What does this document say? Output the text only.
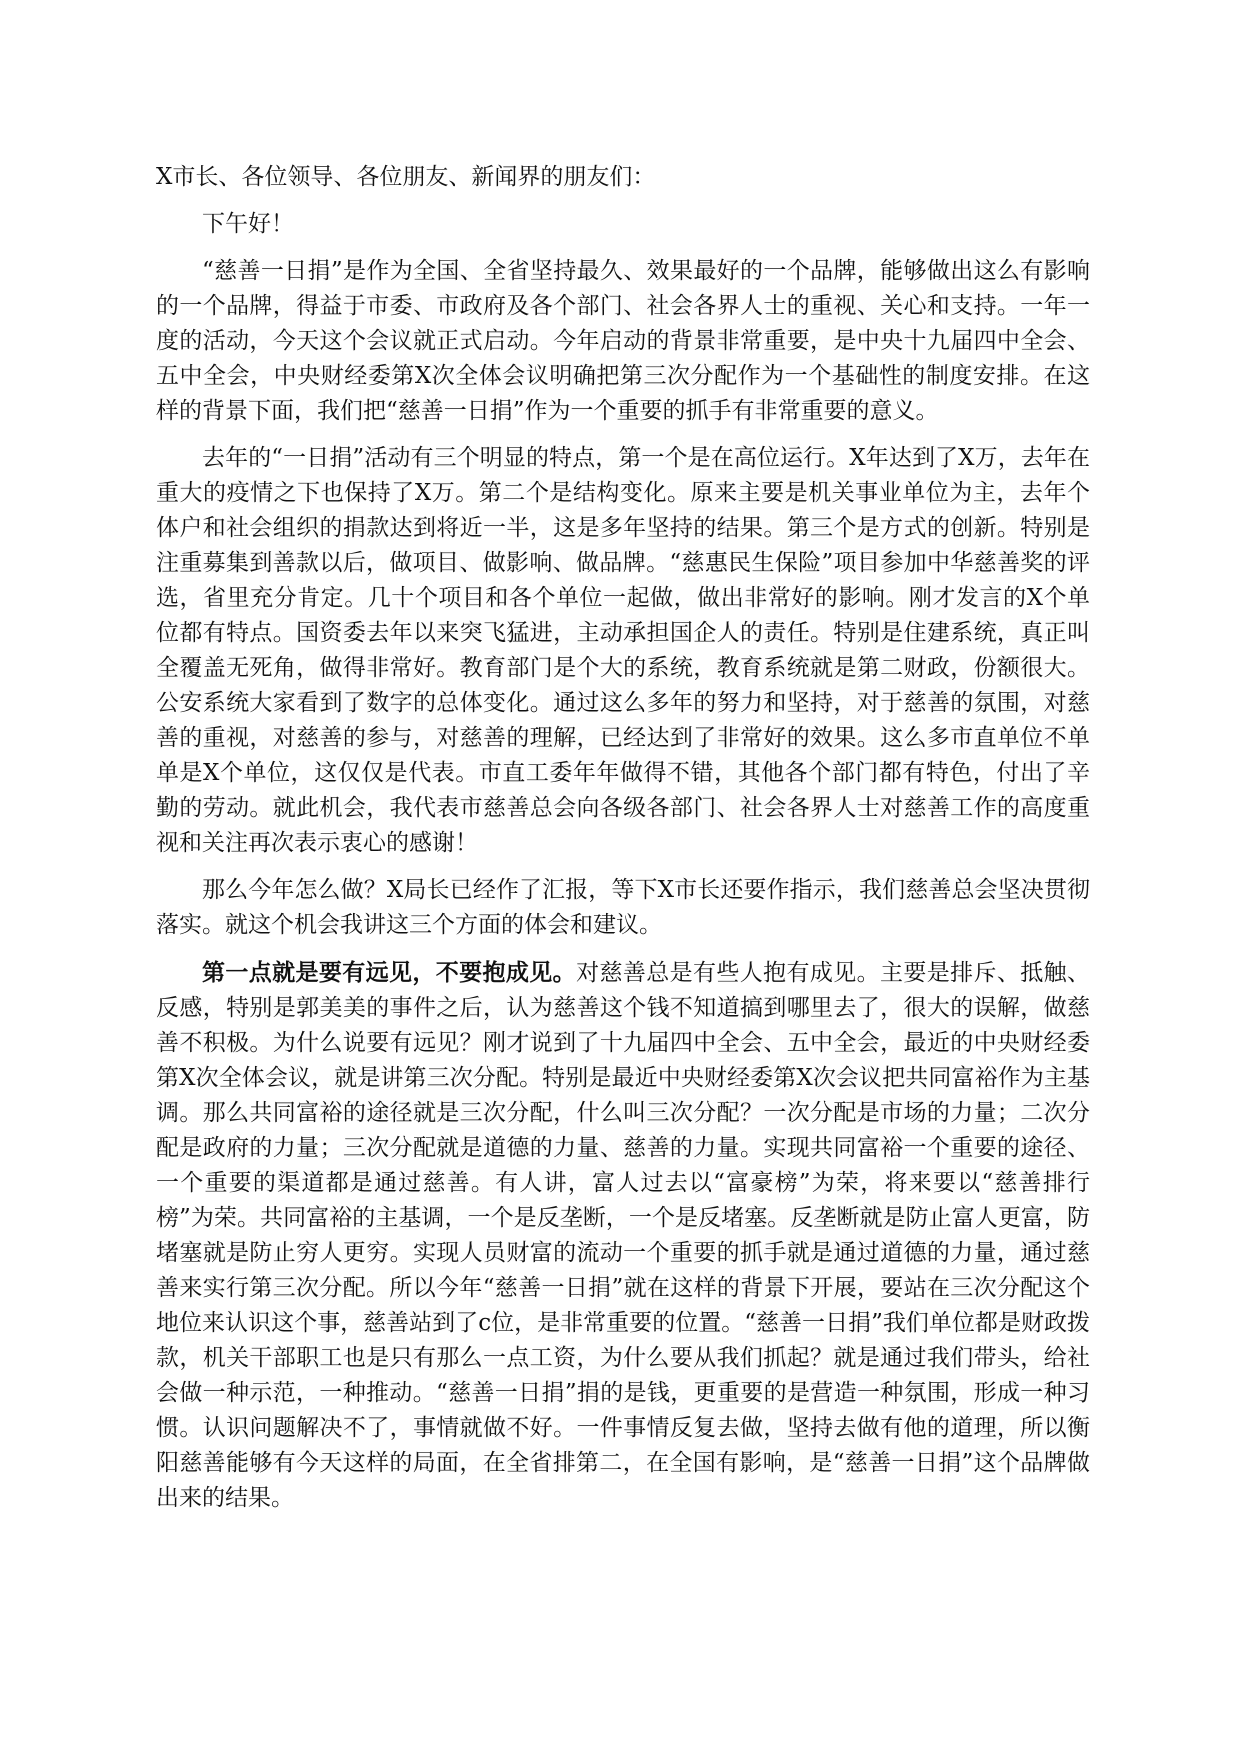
X市长、各位领导、各位朋友、新闻界的朋友们：

下午好！

“慈善一日捐”是作为全国、全省坚持最久、效果最好的一个品牌，能够做出这么有影响的一个品牌，得益于市委、市政府及各个部门、社会各界人士的重视、关心和支持。一年一度的活动，今天这个会议就正式启动。今年启动的背景非常重要，是中央十九届四中全会、五中全会，中央财经委第X次全体会议明确把第三次分配作为一个基础性的制度安排。在这样的背景下面，我们把“慈善一日捐”作为一个重要的抓手有非常重要的意义。

去年的“一日捐”活动有三个明显的特点，第一个是在高位运行。X年达到了X万，去年在重大的疫情之下也保持了X万。第二个是结构变化。原来主要是机关事业单位为主，去年个体户和社会组织的捐款达到将近一半，这是多年坚持的结果。第三个是方式的创新。特别是注重募集到善款以后，做项目、做影响、做品牌。“慈惠民生保险”项目参加中华慈善奖的评选，省里充分肯定。几十个项目和各个单位一起做，做出非常好的影响。刚才发言的X个单位都有特点。国资委去年以来突飞猛进，主动承担国企人的责任。特别是住建系统，真正叫全覆盖无死角，做得非常好。教育部门是个大的系统，教育系统就是第二财政，份额很大。公安系统大家看到了数字的总体变化。通过这么多年的努力和坚持，对于慈善的氛围，对慈善的重视，对慈善的参与，对慈善的理解，已经达到了非常好的效果。这么多市直单位不单单是X个单位，这仅仅是代表。市直工委年年做得不错，其他各个部门都有特色，付出了辛勤的劳动。就此机会，我代表市慈善总会向各级各部门、社会各界人士对慈善工作的高度重视和关注再次表示衷心的感谢！

那么今年怎么做？X局长已经作了汇报，等下X市长还要作指示，我们慈善总会坚决贯彻落实。就这个机会我讲这三个方面的体会和建议。

第一点就是要有远见，不要抱成见。对慈善总是有些人抱有成见。主要是排斥、抵触、反感，特别是郭美美的事件之后，认为慈善这个钱不知道搞到哪里去了，很大的误解，做慈善不积极。为什么说要有远见？刚才说到了十九届四中全会、五中全会，最近的中央财经委第X次全体会议，就是讲第三次分配。特别是最近中央财经委第X次会议把共同富裕作为主基调。那么共同富裕的途径就是三次分配，什么叫三次分配？一次分配是市场的力量；二次分配是政府的力量；三次分配就是道德的力量、慈善的力量。实现共同富裕一个重要的途径、一个重要的渠道都是通过慈善。有人讲，富人过去以“富豪榜”为荣，将来要以“慈善排行榜”为荣。共同富裕的主基调，一个是反垄断，一个是反堵塞。反垄断就是防止富人更富，防堵塞就是防止穷人更穷。实现人员财富的流动一个重要的抓手就是通过道德的力量，通过慈善来实行第三次分配。所以今年“慈善一日捐”就在这样的背景下开展，要站在三次分配这个地位来认识这个事，慈善站到了c位，是非常重要的位置。“慈善一日捐”我们单位都是财政拨款，机关干部职工也是只有那么一点工资，为什么要从我们抓起？就是通过我们带头，给社会做一种示范，一种推动。“慈善一日捐”捐的是钱，更重要的是营造一种氛围，形成一种习惯。认识问题解决不了，事情就做不好。一件事情反复去做，坚持去做有他的道理，所以衡阳慈善能够有今天这样的局面，在全省排第二，在全国有影响，是“慈善一日捐”这个品牌做出来的结果。
